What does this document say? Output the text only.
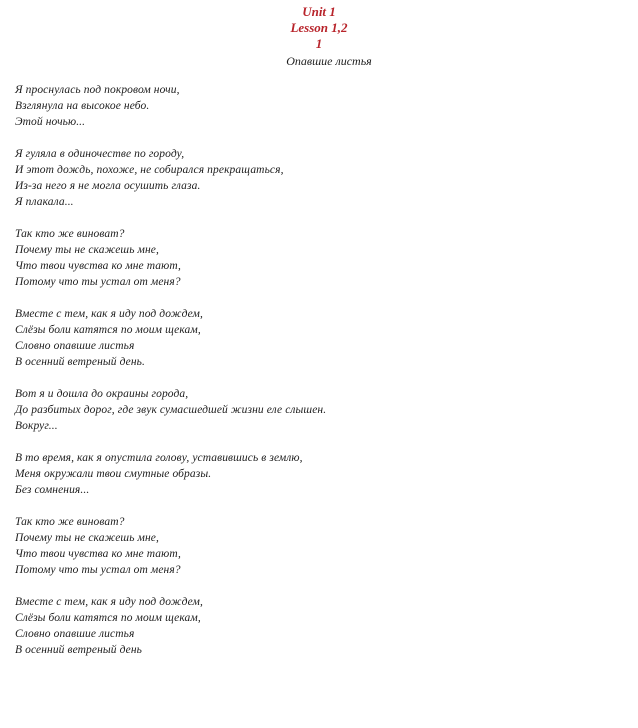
Unit 1
Lesson 1,2
1
Опавшие листья
Я проснулась под покровом ночи,
Взглянула на высокое небо.
Этой ночью...
Я гуляла в одиночестве по городу,
И этот дождь, похоже, не собирался прекращаться,
Из-за него я не могла осушить глаза.
Я плакала...
Так кто же виноват?
Почему ты не скажешь мне,
Что твои чувства ко мне тают,
Потому что ты устал от меня?
Вместе с тем, как я иду под дождем,
Слёзы боли катятся по моим щекам,
Словно опавшие листья
В осенний ветреный день.
Вот я и дошла до окраины города,
До разбитых дорог, где звук сумасшедшей жизни еле слышен.
Вокруг...
В то время, как я опустила голову, уставившись в землю,
Меня окружали твои смутные образы.
Без сомнения...
Так кто же виноват?
Почему ты не скажешь мне,
Что твои чувства ко мне тают,
Потому что ты устал от меня?
Вместе с тем, как я иду под дождем,
Слёзы боли катятся по моим щекам,
Словно опавшие листья
В осенний ветреный день
